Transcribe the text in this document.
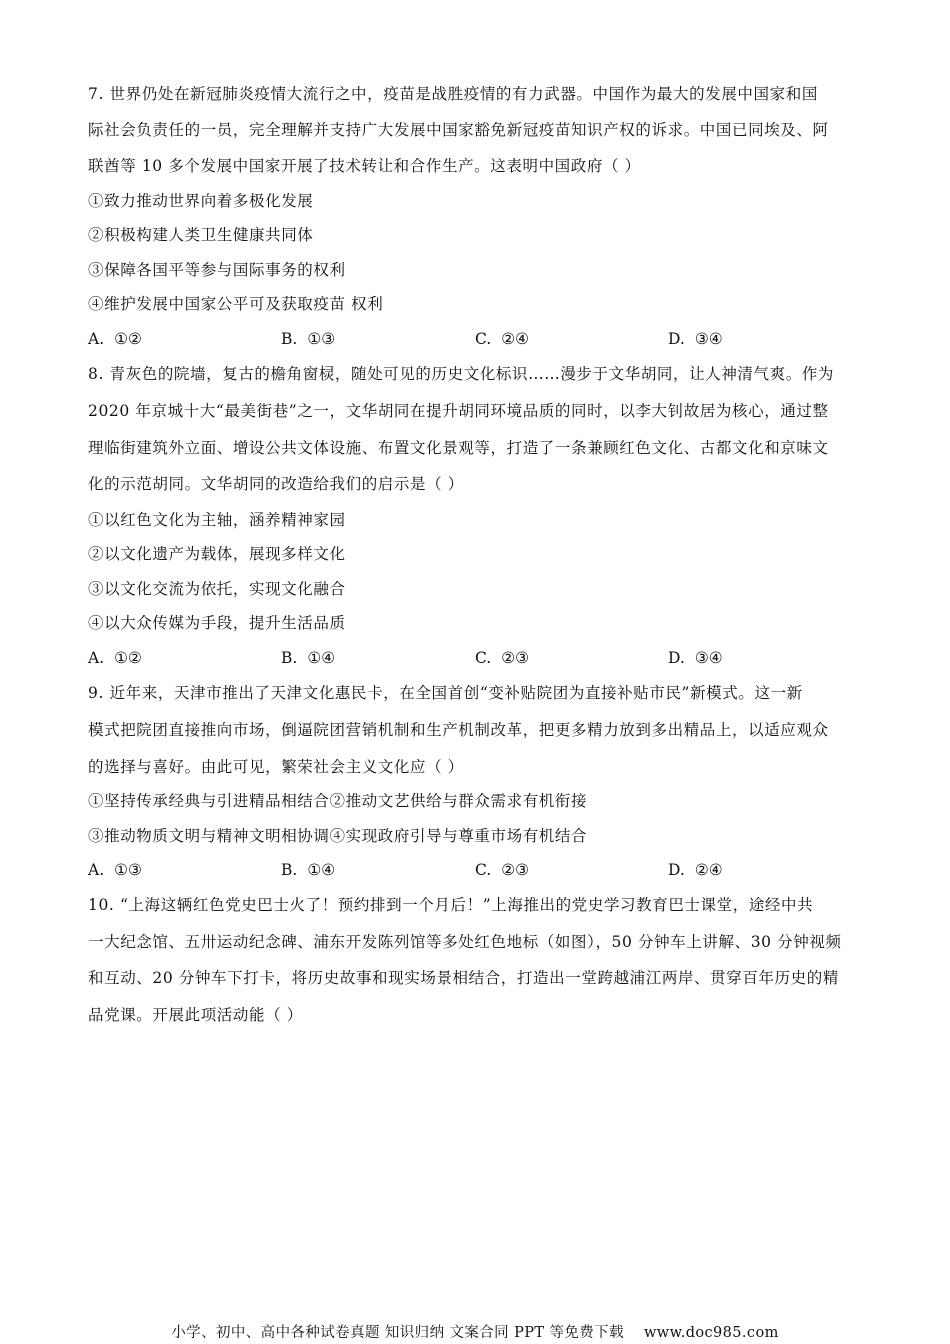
7. 世界仍处在新冠肺炎疫情大流行之中，疫苗是战胜疫情的有力武器。中国作为最大的发展中国家和国
际社会负责任的一员，完全理解并支持广大发展中国家豁免新冠疫苗知识产权的诉求。中国已同埃及、阿
联酋等 10 多个发展中国家开展了技术转让和合作生产。这表明中国政府（ ）
①致力推动世界向着多极化发展
②积极构建人类卫生健康共同体
③保障各国平等参与国际事务的权利
④维护发展中国家公平可及获取疫苗 权利
A. ①②	B. ①③	C. ②④	D. ③④
8. 青灰色的院墙，复古的檐角窗棂，随处可见的历史文化标识……漫步于文华胡同，让人神清气爽。作为
2020 年京城十大“最美街巷”之一，文华胡同在提升胡同环境品质的同时，以李大钊故居为核心，通过整
理临街建筑外立面、增设公共文体设施、布置文化景观等，打造了一条兼顾红色文化、古都文化和京味文
化的示范胡同。文华胡同的改造给我们的启示是（ ）
①以红色文化为主轴，涵养精神家园
②以文化遗产为载体，展现多样文化
③以文化交流为依托，实现文化融合
④以大众传媒为手段，提升生活品质
A. ①②	B. ①④	C. ②③	D. ③④
9. 近年来，天津市推出了天津文化惠民卡，在全国首创“变补贴院团为直接补贴市民”新模式。这一新
模式把院团直接推向市场，倒逼院团营销机制和生产机制改革，把更多精力放到多出精品上，以适应观众
的选择与喜好。由此可见，繁荣社会主义文化应（ ）
①坚持传承经典与引进精品相结合②推动文艺供给与群众需求有机衔接
③推动物质文明与精神文明相协调④实现政府引导与尊重市场有机结合
A. ①③	B. ①④	C. ②③	D. ②④
10. “上海这辆红色党史巴士火了！预约排到一个月后！”上海推出的党史学习教育巴士课堂，途经中共
一大纪念馆、五卅运动纪念碑、浦东开发陈列馆等多处红色地标（如图），50 分钟车上讲解、30 分钟视频
和互动、20 分钟车下打卡，将历史故事和现实场景相结合，打造出一堂跨越浦江两岸、贯穿百年历史的精
品党课。开展此项活动能（ ）
小学、初中、高中各种试卷真题 知识归纳 文案合同 PPT 等免费下载 www.doc985.com
